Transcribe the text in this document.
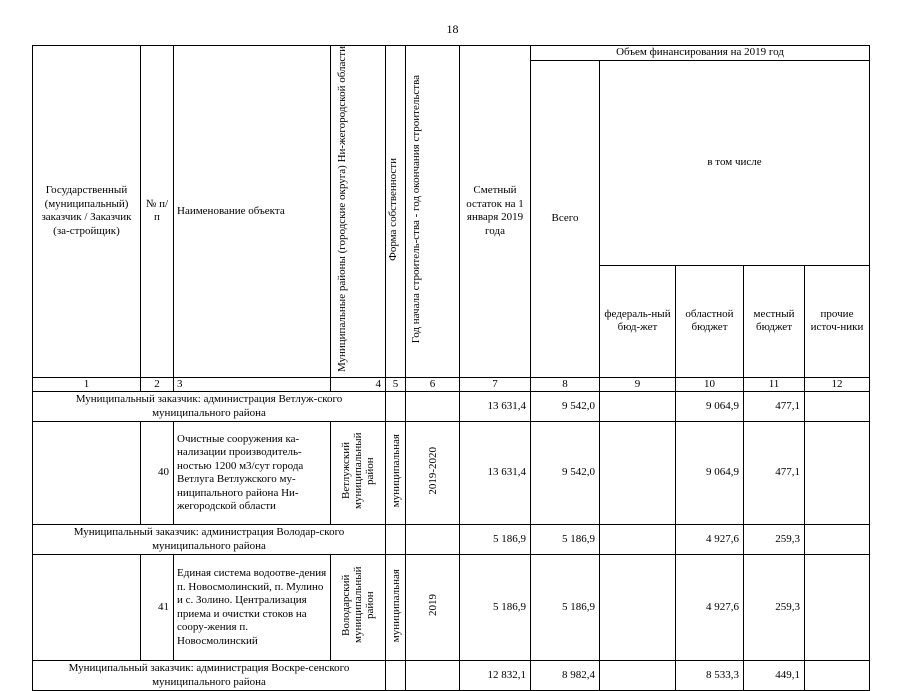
18
Государственный (муниципальный) заказчик / Заказчик (за-стройщик)	№ п/п	Наименование объекта	Муниципальные районы (городские округа) Ни-жегородской области	Форма собственности	Год начала строитель-ства - год окончания строительства	Сметный остаток на 1 января 2019 года	Объем финансирования на 2019 год				
							Всего	в том числе			
								федераль-ный бюд-жет	областной бюджет	местный бюджет	прочие источ-ники
1	2	3	4	5	6	7	8	9	10	11	12
Муниципальный заказчик: администрация Ветлуж-ского муниципального района						13 631,4	9 542,0		9 064,9	477,1	
	40	Очистные сооружения ка-нализации производитель-ностью 1200 м3/сут города Ветлуга Ветлужского му-ниципального района Ни-жегородской области	Ветлужский муниципальный район	муниципальная	2019-2020	13 631,4	9 542,0		9 064,9	477,1	
Муниципальный заказчик: администрация Володар-ского муниципального района						5 186,9	5 186,9		4 927,6	259,3	
	41	Единая система водоотве-дения п. Новосмолинский, п. Мулино и с. Золино. Централизация приема и очистки стоков на соору-жения п. Новосмолинский	Володарский муниципальный район	муниципальная	2019	5 186,9	5 186,9		4 927,6	259,3	
Муниципальный заказчик: администрация Воскре-сенского муниципального района						12 832,1	8 982,4		8 533,3	449,1	
